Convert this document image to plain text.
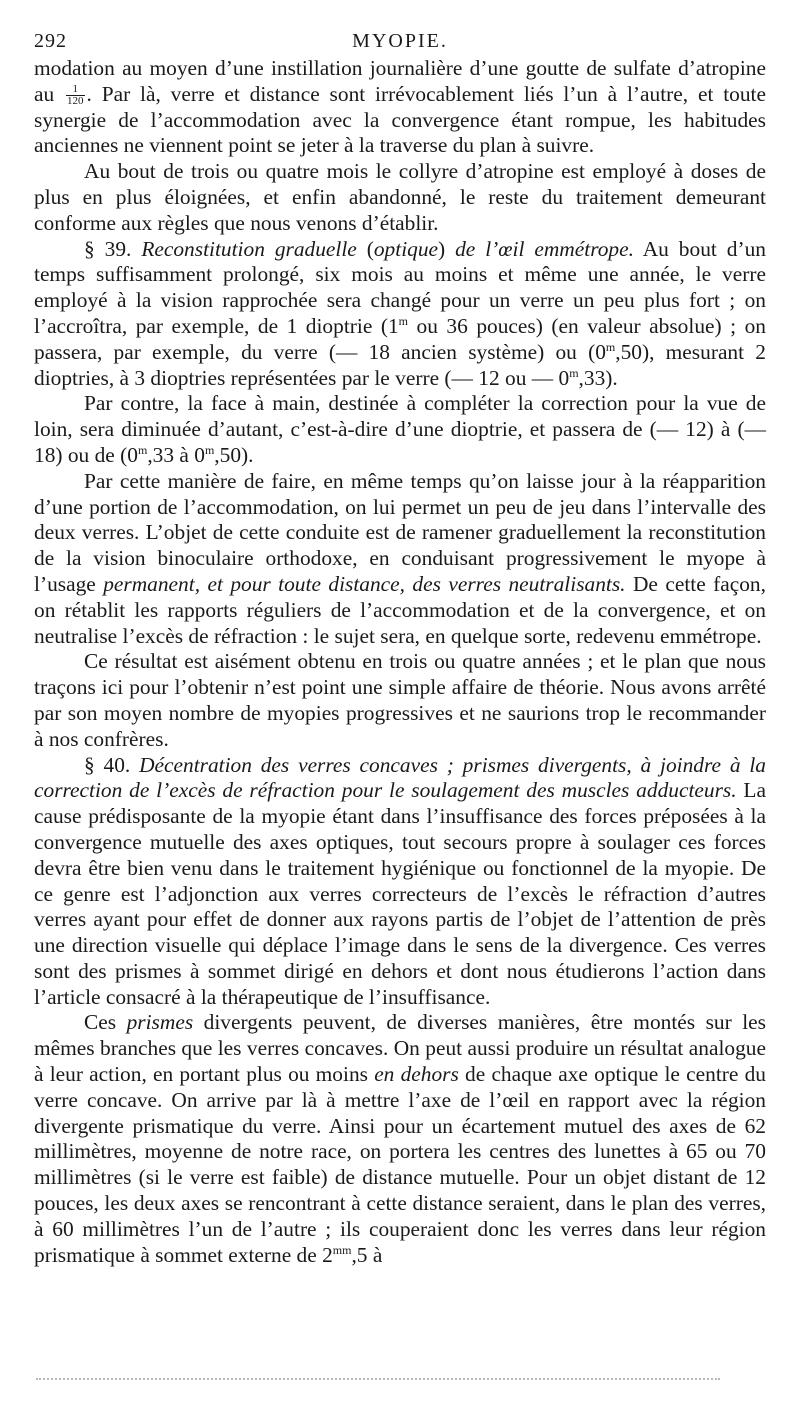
292	MYOPIE.

modation au moyen d’une instillation journalière d’une goutte de sulfate d’atropine au $\frac{1}{120}$ . Par là, verre et distance sont irrévocablement liés l’un à l’autre, et toute synergie de l’accommodation avec la convergence étant rompue, les habitudes anciennes ne viennent point se jeter à la traverse du plan à suivre.

Au bout de trois ou quatre mois le collyre d’atropine est employé à doses de plus en plus éloignées, et enfin abandonné, le reste du traitement demeurant conforme aux règles que nous venons d’établir.

§ 39. Reconstitution graduelle (optique) de l’œil emmétrope. Au bout d’un temps suffisamment prolongé, six mois au moins et même une année, le verre employé à la vision rapprochée sera changé pour un verre un peu plus fort ; on l’accroîtra, par exemple, de 1 dioptrie (1$^m$ ou 36 pouces) (en valeur absolue) ; on passera, par exemple, du verre (— 18 ancien système) ou (0$^m$,50), mesurant 2 dioptries, à 3 dioptries représentées par le verre (— 12 ou — 0$^m$,33).

Par contre, la face à main, destinée à compléter la correction pour la vue de loin, sera diminuée d’autant, c’est-à-dire d’une dioptrie, et passera de (— 12) à (— 18) ou de (0$^m$,33 à 0$^m$,50).

Par cette manière de faire, en même temps qu’on laisse jour à la réapparition d’une portion de l’accommodation, on lui permet un peu de jeu dans l’intervalle des deux verres. L’objet de cette conduite est de ramener graduellement la reconstitution de la vision binoculaire orthodoxe, en conduisant progressivement le myope à l’usage permanent, et pour toute distance, des verres neutralisants. De cette façon, on rétablit les rapports réguliers de l’accommodation et de la convergence, et on neutralise l’excès de réfraction : le sujet sera, en quelque sorte, redevenu emmétrope.

Ce résultat est aisément obtenu en trois ou quatre années ; et le plan que nous traçons ici pour l’obtenir n’est point une simple affaire de théorie. Nous avons arrêté par son moyen nombre de myopies progressives et ne saurions trop le recommander à nos confrères.

§ 40. Décentration des verres concaves ; prismes divergents, à joindre à la correction de l’excès de réfraction pour le soulagement des muscles adducteurs. La cause prédisposante de la myopie étant dans l’insuffisance des forces préposées à la convergence mutuelle des axes optiques, tout secours propre à soulager ces forces devra être bien venu dans le traitement hygiénique ou fonctionnel de la myopie. De ce genre est l’adjonction aux verres correcteurs de l’excès le réfraction d’autres verres ayant pour effet de donner aux rayons partis de l’objet de l’attention de près une direction visuelle qui déplace l’image dans le sens de la divergence. Ces verres sont des prismes à sommet dirigé en dehors et dont nous étudierons l’action dans l’article consacré à la thérapeutique de l’insuffisance.

Ces prismes divergents peuvent, de diverses manières, être montés sur les mêmes branches que les verres concaves. On peut aussi produire un résultat analogue à leur action, en portant plus ou moins en dehors de chaque axe optique le centre du verre concave. On arrive par là à mettre l’axe de l’œil en rapport avec la région divergente prismatique du verre. Ainsi pour un écartement mutuel des axes de 62 millimètres, moyenne de notre race, on portera les centres des lunettes à 65 ou 70 millimètres (si le verre est faible) de distance mutuelle. Pour un objet distant de 12 pouces, les deux axes se rencontrant à cette distance seraient, dans le plan des verres, à 60 millimètres l’un de l’autre ; ils couperaient donc les verres dans leur région prismatique à sommet externe de $2^{mm},5$ à
